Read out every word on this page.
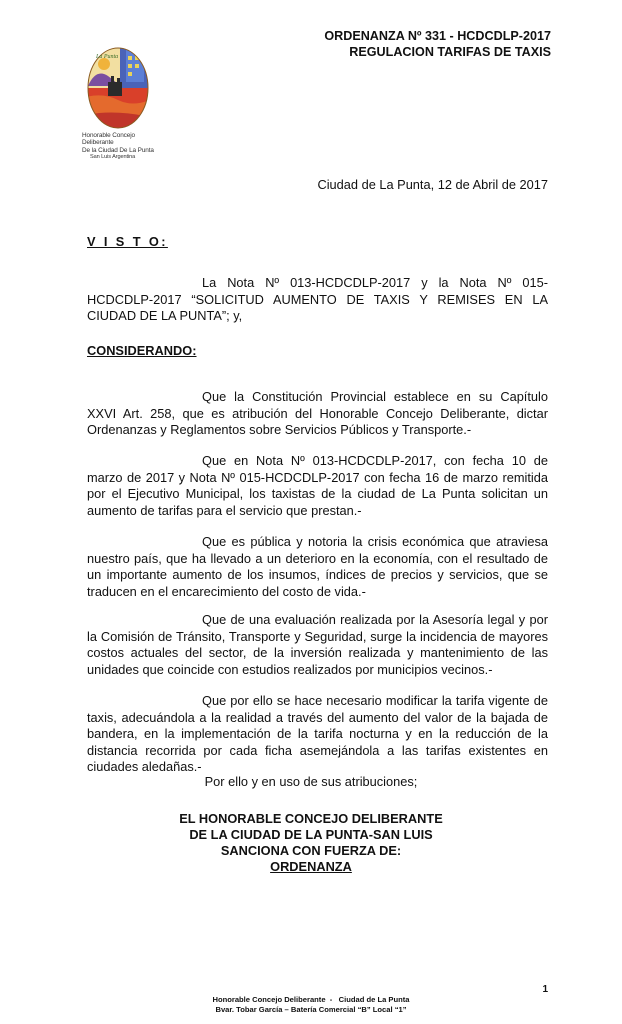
ORDENANZA Nº 331 - HCDCDLP-2017
REGULACION TARIFAS DE TAXIS
La Punta
Honorable Concejo Deliberante
De la Ciudad De La Punta
San Luis Argentina
Ciudad de La Punta, 12 de Abril de 2017
V I S T O:
La Nota Nº 013-HCDCDLP-2017 y la Nota Nº 015-HCDCDLP-2017 “SOLICITUD AUMENTO DE TAXIS Y REMISES EN LA CIUDAD DE LA PUNTA”; y,
CONSIDERANDO:
Que la Constitución Provincial establece en su Capítulo XXVI Art. 258, que es atribución del Honorable Concejo Deliberante, dictar Ordenanzas y Reglamentos sobre Servicios Públicos y Transporte.-
Que en Nota Nº 013-HCDCDLP-2017, con fecha 10 de marzo de 2017 y Nota Nº 015-HCDCDLP-2017 con fecha 16 de marzo remitida por el Ejecutivo Municipal, los taxistas de la ciudad de La Punta solicitan un aumento de tarifas para el servicio que prestan.-
Que es pública y notoria la crisis económica que atraviesa nuestro país, que ha llevado a un deterioro en la economía, con el resultado de un importante aumento de los insumos, índices de precios y servicios, que se traducen en el encarecimiento del costo de vida.-
Que de una evaluación realizada por la Asesoría legal y por la Comisión de Tránsito, Transporte y Seguridad, surge la incidencia de mayores costos actuales del sector, de la inversión realizada y mantenimiento de las unidades que coincide con estudios realizados por municipios vecinos.-
Que por ello se hace necesario modificar la tarifa vigente de taxis, adecuándola a la realidad a través del aumento del valor de la bajada de bandera, en la implementación de la tarifa nocturna y en la reducción de la distancia recorrida por cada ficha asemejándola a las tarifas existentes en ciudades aledañas.-
Por ello y en uso de sus atribuciones;
EL HONORABLE CONCEJO DELIBERANTE
DE LA CIUDAD DE LA PUNTA-SAN LUIS
SANCIONA CON FUERZA DE:
ORDENANZA
1
Honorable Concejo Deliberante  -   Ciudad de La Punta
Bvar. Tobar García – Batería Comercial “B” Local “1”
